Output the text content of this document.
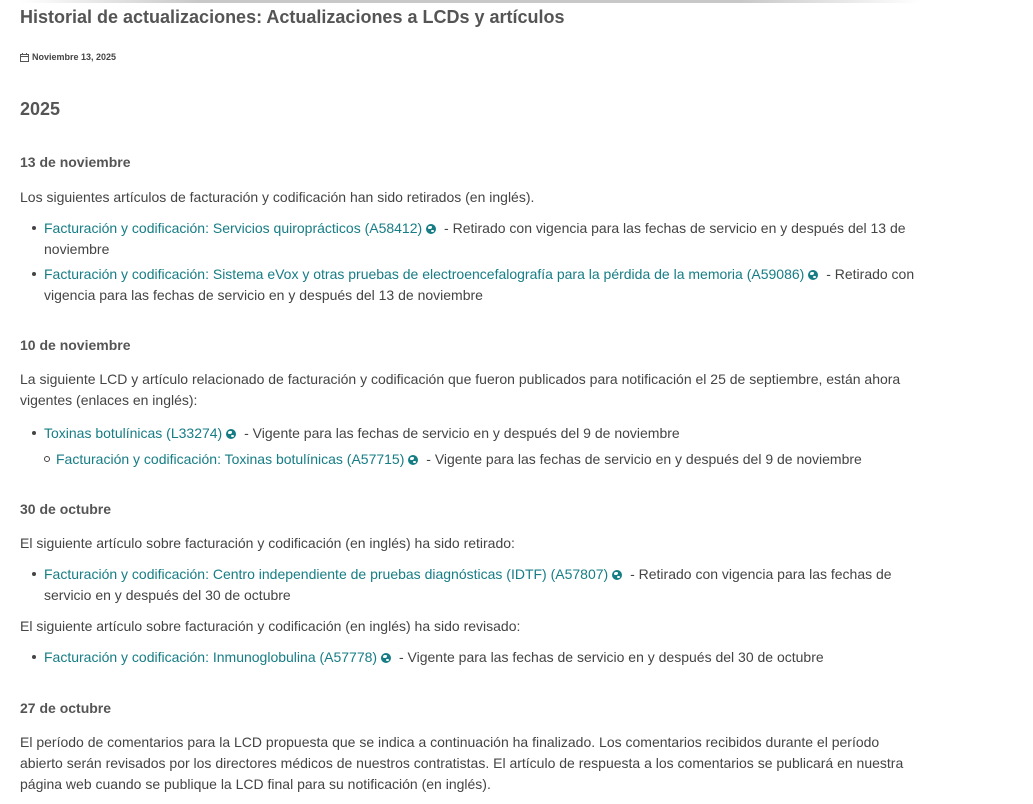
Historial de actualizaciones: Actualizaciones a LCDs y artículos
Noviembre 13, 2025
2025
13 de noviembre

Los siguientes artículos de facturación y codificación han sido retirados (en inglés).

Facturación y codificación: Servicios quiroprácticos (A58412) - Retirado con vigencia para las fechas de servicio en y después del 13 de noviembre
Facturación y codificación: Sistema eVox y otras pruebas de electroencefalografía para la pérdida de la memoria (A59086) - Retirado con vigencia para las fechas de servicio en y después del 13 de noviembre
10 de noviembre

La siguiente LCD y artículo relacionado de facturación y codificación que fueron publicados para notificación el 25 de septiembre, están ahora vigentes (enlaces en inglés):

Toxinas botulínicas (L33274) - Vigente para las fechas de servicio en y después del 9 de noviembre
Facturación y codificación: Toxinas botulínicas (A57715) - Vigente para las fechas de servicio en y después del 9 de noviembre
30 de octubre

El siguiente artículo sobre facturación y codificación (en inglés) ha sido retirado:

Facturación y codificación: Centro independiente de pruebas diagnósticas (IDTF) (A57807) - Retirado con vigencia para las fechas de servicio en y después del 30 de octubre

El siguiente artículo sobre facturación y codificación (en inglés) ha sido revisado:

Facturación y codificación: Inmunoglobulina (A57778) - Vigente para las fechas de servicio en y después del 30 de octubre
27 de octubre

El período de comentarios para la LCD propuesta que se indica a continuación ha finalizado. Los comentarios recibidos durante el período abierto serán revisados por los directores médicos de nuestros contratistas. El artículo de respuesta a los comentarios se publicará en nuestra página web cuando se publique la LCD final para su notificación (en inglés).
